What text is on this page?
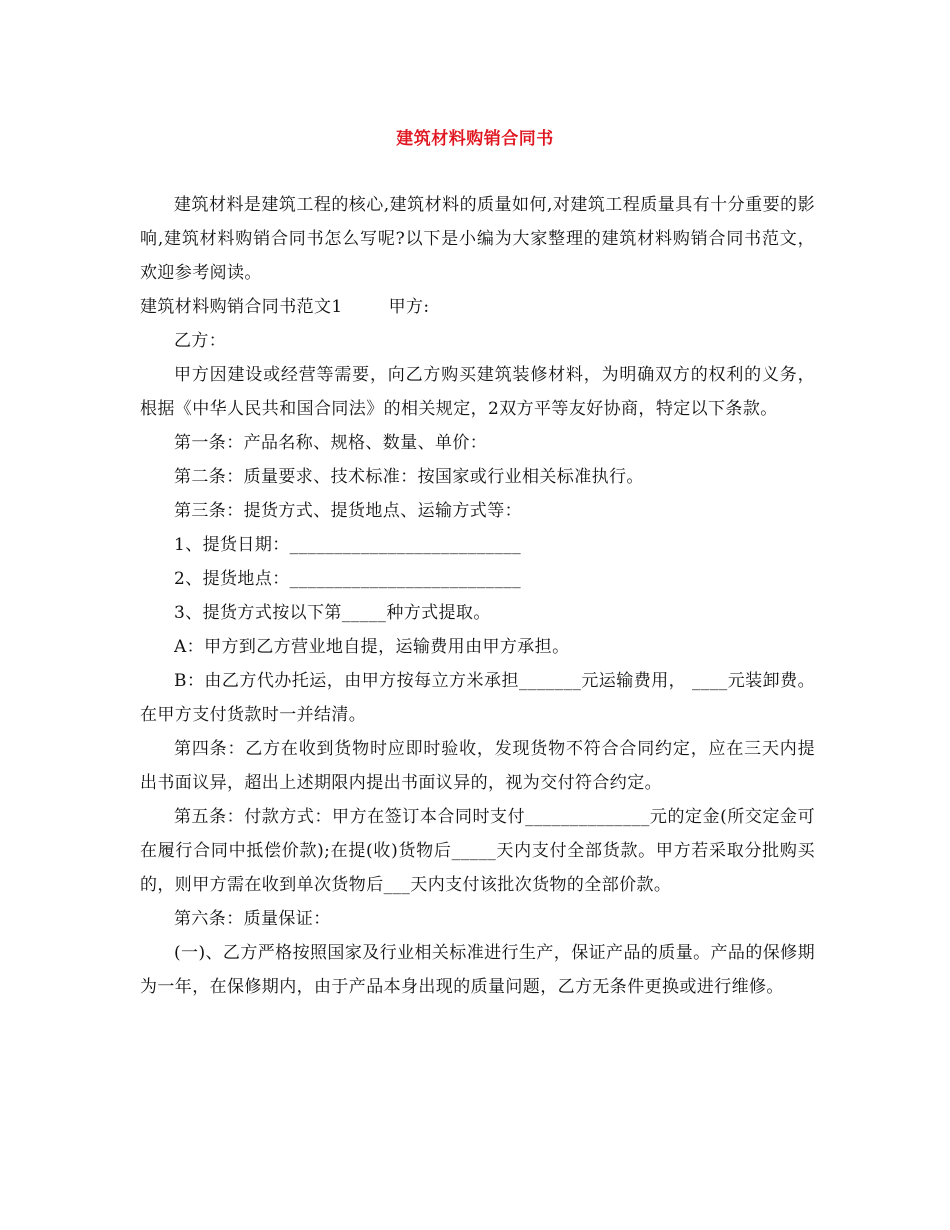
建筑材料购销合同书

建筑材料是建筑工程的核心,建筑材料的质量如何,对建筑工程质量具有十分重要的影响,建筑材料购销合同书怎么写呢?以下是小编为大家整理的建筑材料购销合同书范文，欢迎参考阅读。

建筑材料购销合同书范文1	甲方:

乙方：

甲方因建设或经营等需要，向乙方购买建筑装修材料，为明确双方的权利的义务，根据《中华人民共和国合同法》的相关规定，2双方平等友好协商，特定以下条款。

第一条：产品名称、规格、数量、单价：

第二条：质量要求、技术标准：按国家或行业相关标准执行。

第三条：提货方式、提货地点、运输方式等：

1、提货日期：__________________________

2、提货地点：__________________________

3、提货方式按以下第_____种方式提取。

A：甲方到乙方营业地自提，运输费用由甲方承担。

B：由乙方代办托运，由甲方按每立方米承担_______元运输费用， ____元装卸费。在甲方支付货款时一并结清。

第四条：乙方在收到货物时应即时验收，发现货物不符合合同约定，应在三天内提出书面议异，超出上述期限内提出书面议异的，视为交付符合约定。

第五条：付款方式：甲方在签订本合同时支付______________元的定金(所交定金可在履行合同中抵偿价款);在提(收)货物后_____天内支付全部货款。甲方若采取分批购买的，则甲方需在收到单次货物后___天内支付该批次货物的全部价款。

第六条：质量保证：

(一)、乙方严格按照国家及行业相关标准进行生产，保证产品的质量。产品的保修期为一年，在保修期内，由于产品本身出现的质量问题，乙方无条件更换或进行维修。
